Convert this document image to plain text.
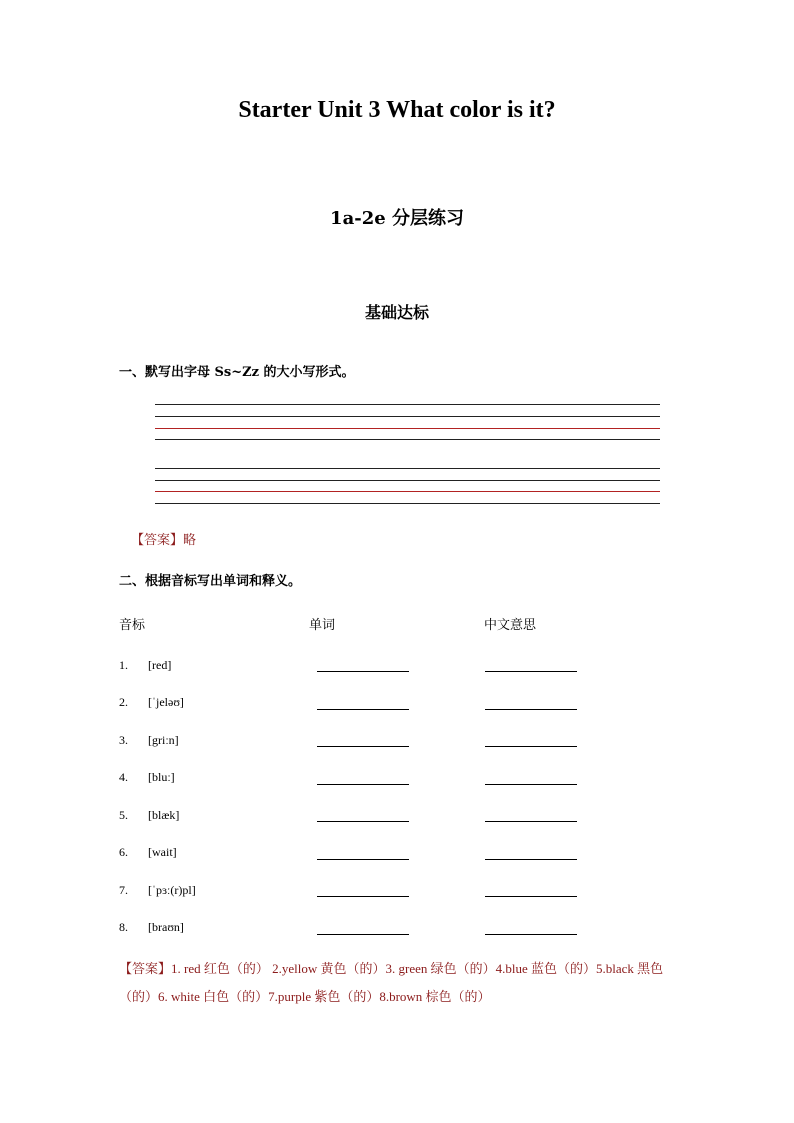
Starter Unit 3 What color is it?
1a-2e 分层练习
基础达标
一、默写出字母 Ss~Zz 的大小写形式。
【答案】略
二、根据音标写出单词和释义。
音标	单词	中文意思
1. [red]
2. [ˈjeləʊ]
3. [griːn]
4. [bluː]
5. [blæk]
6. [wait]
7. [ˈpɜː(r)pl]
8. [braʊn]
【答案】1. red 红色（的） 2.yellow 黄色（的）3. green 绿色（的）4.blue 蓝色（的）5.black 黑色（的）6. white 白色（的）7.purple 紫色（的）8.brown 棕色（的）
